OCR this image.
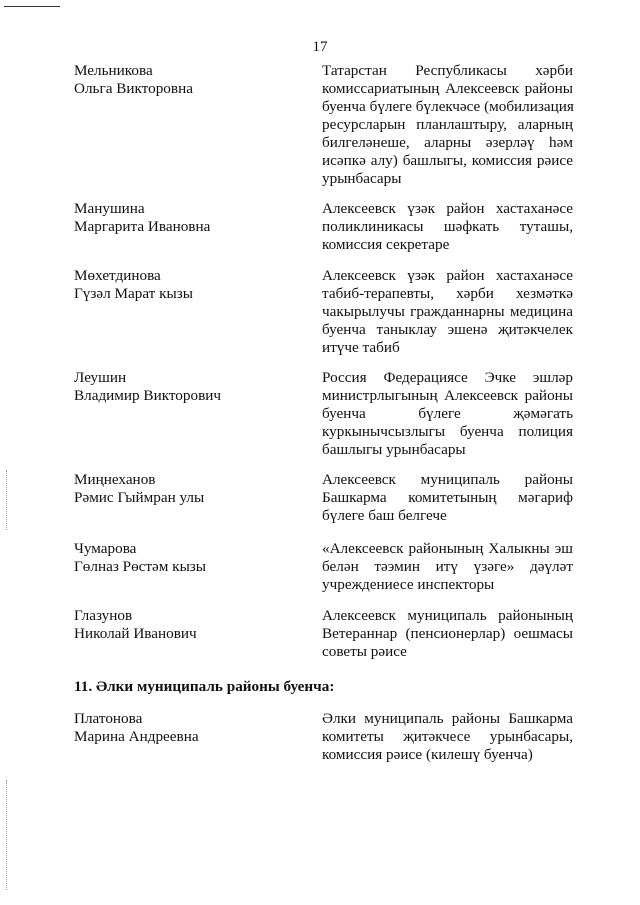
17
Мельникова
Ольга Викторовна
Татарстан Республикасы хәрби
комиссариатының Алексеевск районы
буенча бүлеге бүлекчәсе (мобилизация
ресурсларын планлаштыру, аларның
билгеләнеше, аларны әзерләү һәм
исәпкә алу) башлыгы, комиссия рәисе
урынбасары
Манушина
Маргарита Ивановна
Алексеевск үзәк район хастаханәсе
поликлиникасы шәфкать туташы,
комиссия секретаре
Мөхетдинова
Гүзәл Марат кызы
Алексеевск үзәк район хастаханәсе
табиб-терапевты, хәрби хезмәткә
чакырылучы гражданнарны медицина
буенча таныклау эшенә җитәкчелек
итүче табиб
Леушин
Владимир Викторович
Россия Федерациясе Эчке эшләр
министрлыгының Алексеевск районы
буенча бүлеге җәмәгать
куркынычсызлыгы буенча полиция
башлыгы урынбасары
Миңнеханов
Рәмис Гыймран улы
Алексеевск муниципаль районы
Башкарма комитетының мәгариф
бүлеге баш белгече
Чумарова
Гөлназ Рөстәм кызы
«Алексеевск районының Халыкны эш
белән тәэмин итү үзәге» дәүләт
учреждениесе инспекторы
Глазунов
Николай Иванович
Алексеевск муниципаль районының
Ветераннар (пенсионерлар) оешмасы
советы рәисе
11. Әлки муниципаль районы буенча:
Платонова
Марина Андреевна
Әлки муниципаль районы Башкарма
комитеты җитәкчесе урынбасары,
комиссия рәисе (килешү буенча)
